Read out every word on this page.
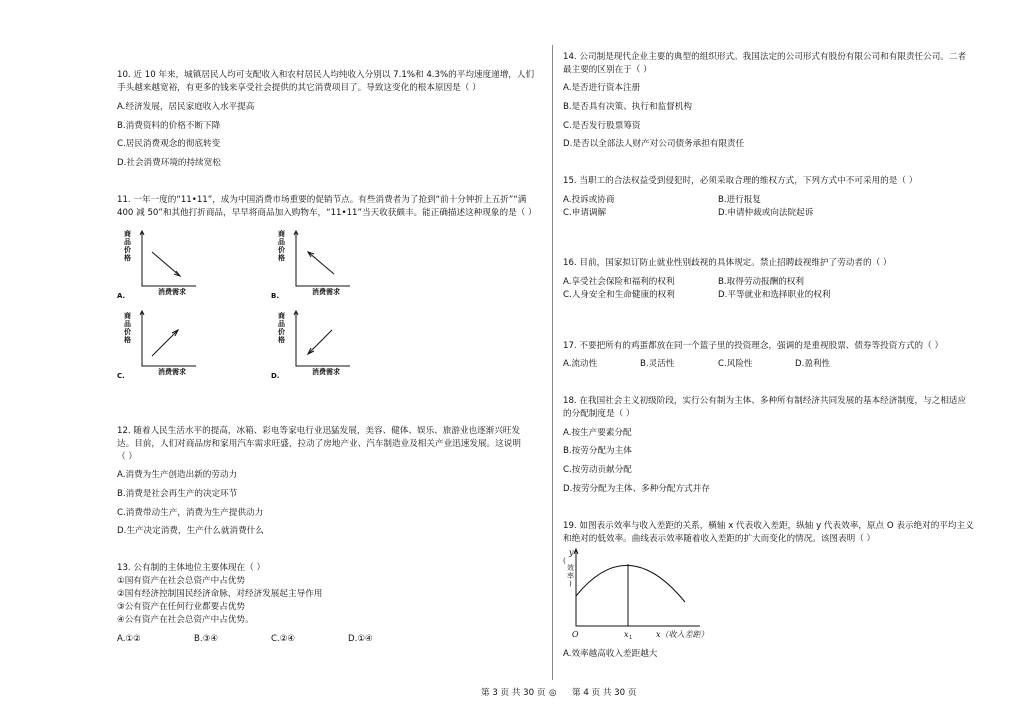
10. 近 10 年来，城镇居民人均可支配收入和农村居民人均纯收入分别以 7.1%和 4.3%的平均速度递增，人们
手头越来越宽裕，有更多的钱来享受社会提供的其它消费项目了。导致这变化的根本原因是（ ）
A.经济发展，居民家庭收入水平提高
B.消费资料的价格不断下降
C.居民消费观念的彻底转变
D.社会消费环境的持续宽松
11. 一年一度的“11•11”，成为中国消费市场重要的促销节点。有些消费者为了抢到“前十分钟折上五折”“满
400 减 50”和其他打折商品，早早将商品加入购物车，“11•11”当天收获颇丰。能正确描述这种现象的是（ ）
商
品
价
格
A.	消费需求
商
品
价
格
B.	消费需求
商
品
价
格
C.	消费需求
商
品
价
格
D.	消费需求
12. 随着人民生活水平的提高，冰箱、彩电等家电行业迅猛发展，美容、健体、娱乐、旅游业也逐渐兴旺发
达。目前，人们对商品房和家用汽车需求旺盛，拉动了房地产业、汽车制造业及相关产业迅速发展。这说明
（ ）
A.消费为生产创造出新的劳动力
B.消费是社会再生产的决定环节
C.消费带动生产，消费为生产提供动力
D.生产决定消费，生产什么就消费什么
13. 公有制的主体地位主要体现在（ ）
①国有资产在社会总资产中占优势
②国有经济控制国民经济命脉，对经济发展起主导作用
③公有资产在任何行业都要占优势
④公有资产在社会总资产中占优势。
A.①②	B.③④	C.②④	D.①④
14. 公司制是现代企业主要的典型的组织形式。我国法定的公司形式有股份有限公司和有限责任公司。二者
最主要的区别在于（ ）
A.是否进行资本注册
B.是否具有决策、执行和监督机构
C.是否发行股票筹资
D.是否以全部法人财产对公司债务承担有限责任
15. 当职工的合法权益受到侵犯时，必须采取合理的维权方式，下列方式中不可采用的是（ ）
A.投诉或协商	B.进行报复
C.申请调解	D.申请仲裁或向法院起诉
16. 目前，国家拟订防止就业性别歧视的具体规定。禁止招聘歧视维护了劳动者的（ ）
A.享受社会保险和福利的权利	B.取得劳动报酬的权利
C.人身安全和生命健康的权利	D.平等就业和选择职业的权利
17. 不要把所有的鸡蛋都放在同一个篮子里的投资理念，强调的是重视股票、债券等投资方式的（ ）
A.流动性	B.灵活性	C.风险性	D.盈利性
18. 在我国社会主义初级阶段，实行公有制为主体、多种所有制经济共同发展的基本经济制度，与之相适应
的分配制度是（ ）
A.按生产要素分配
B.按劳分配为主体
C.按劳动贡献分配
D.按劳分配为主体、多种分配方式并存
19. 如图表示效率与收入差距的关系，横轴 x 代表收入差距，纵轴 y 代表效率，原点 O 表示绝对的平均主义
和绝对的低效率。曲线表示效率随着收入差距的扩大而变化的情况。该图表明（ ）
y
(
效
率
)
O	x 1	x（收入差距）
A.效率越高收入差距越大
第 3 页 共 30 页 ◎ 第 4 页 共 30 页
